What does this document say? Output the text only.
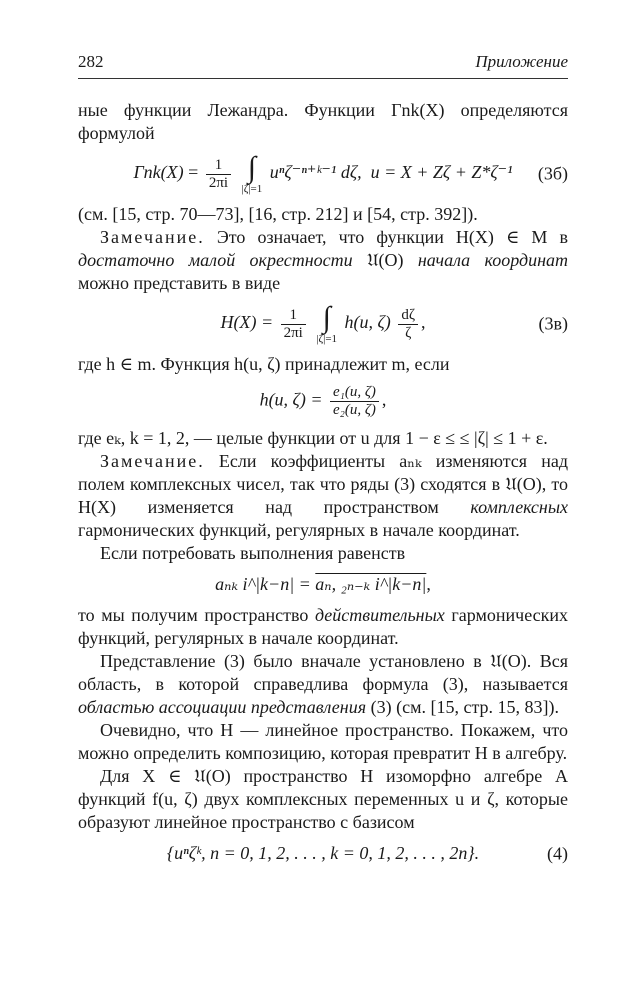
282	Приложение

ные функции Лежандра. Функции Γnk(X) определяются формулой

$\Gamma nk(X) = \frac{1}{2\pi i}$
∫
|ζ|=1
uⁿζ⁻ⁿ⁺ᵏ⁻¹ dζ, u = X + Zζ + Z*ζ⁻¹ (3б)

(см. [15, стр. 70—73], [16, стр. 212] и [54, стр. 392]).

Замечание. Это означает, что функции H(X) ∈ M в достаточно малой окрестности 𝔘(O) начала координат можно представить в виде

$H(X) = \frac{1}{2\pi i}$
∫
|ζ|=1
h(u, $\zeta) \frac{d\zeta}{\zeta}$ ,	(3в)

где h ∈ m. Функция h(u, ζ) принадлежит m, если

h(u, $\zeta) = \frac{\text{e₁(u, ζ)}}{\text{e₂(u, ζ)}}$ ,

где eₖ, k = 1, 2, — целые функции от u для 1 − ε ≤ ≤ |ζ| ≤ 1 + ε.

Замечание. Если коэффициенты aₙₖ изменяются над полем комплексных чисел, так что ряды (3) сходятся в 𝔘(O), то H(X) изменяется над пространством комплексных гармонических функций, регулярных в начале координат.

Если потребовать выполнения равенств

aₙₖ i^|k−n| = aₙ, ₂ₙ₋ₖ i^|k−n|,

то мы получим пространство действительных гармонических функций, регулярных в начале координат.

Представление (3) было вначале установлено в 𝔘(O). Вся область, в которой справедлива формула (3), называется областью ассоциации представления (3) (см. [15, стр. 15, 83]).

Очевидно, что H — линейное пространство. Покажем, что можно определить композицию, которая превратит H в алгебру.

Для X ∈ 𝔘(O) пространство H изоморфно алгебре A функций f(u, ζ) двух комплексных переменных u и ζ, которые образуют линейное пространство с базисом

{uⁿζᵏ, n = 0, 1, 2, . . . , k = 0, 1, 2, . . . , 2n}.	(4)
